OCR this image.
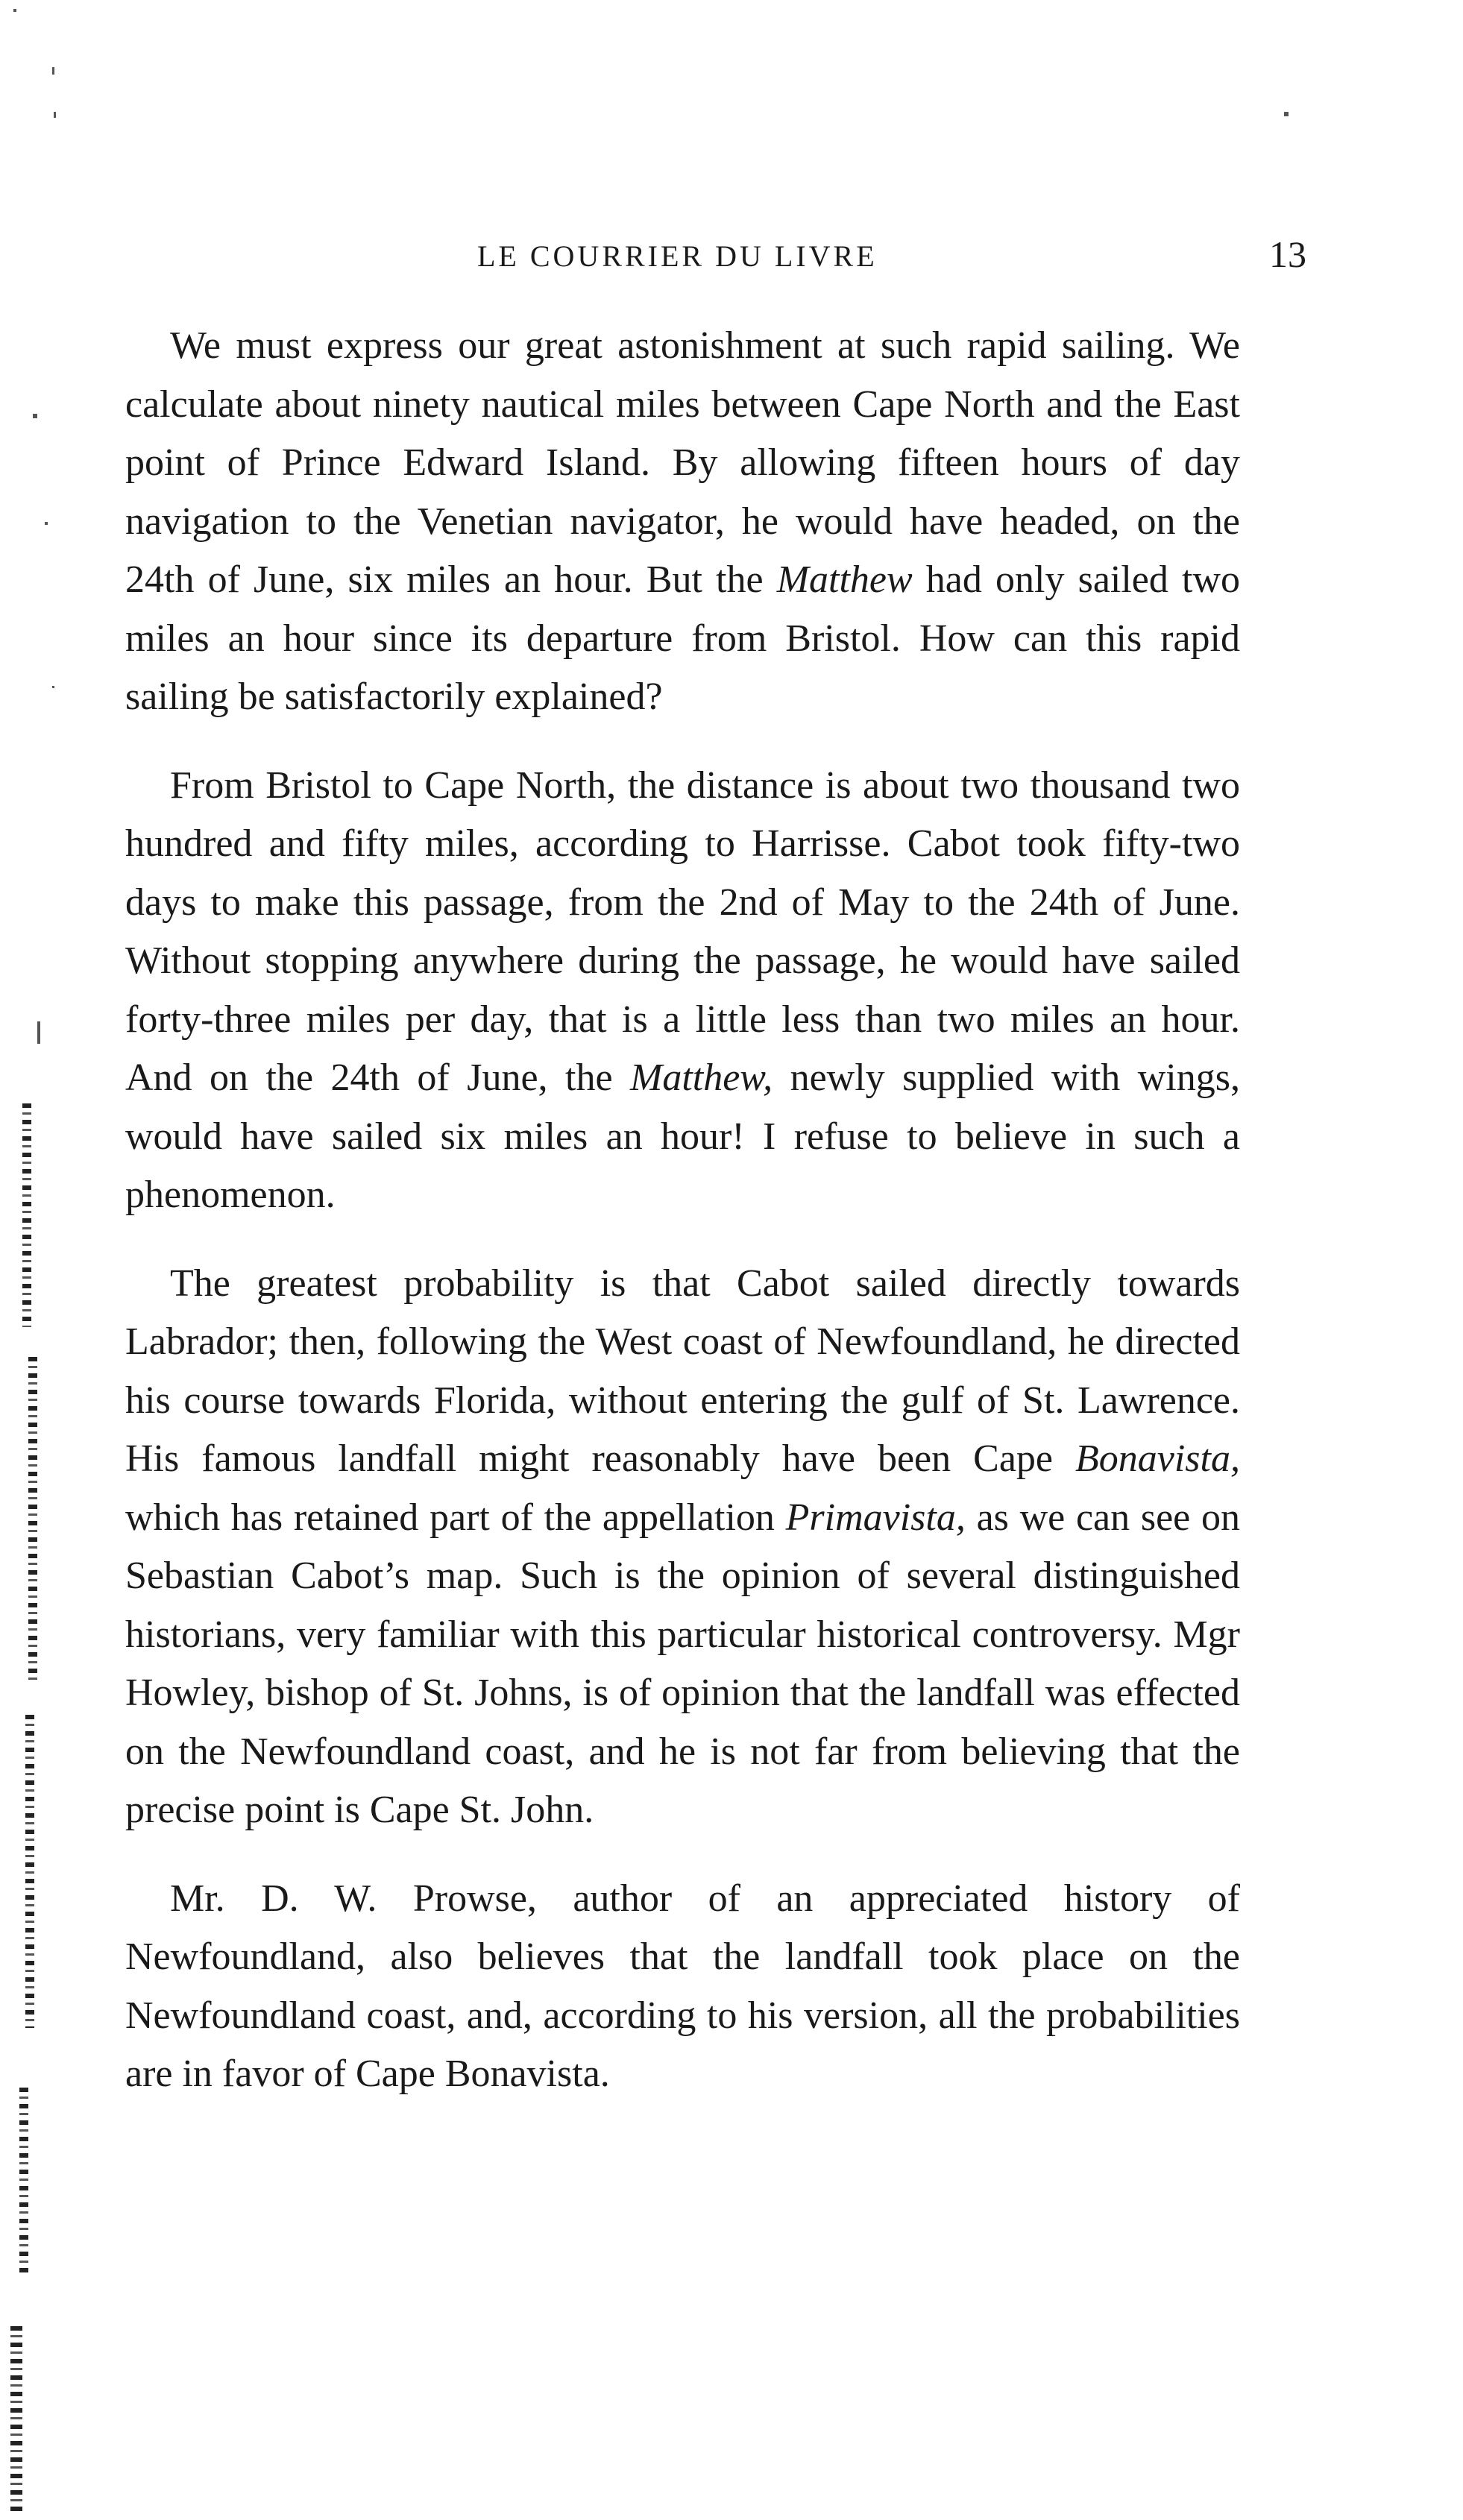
LE COURRIER DU LIVRE	13

We must express our great astonishment at such rapid sailing. We calculate about ninety nautical miles between Cape North and the East point of Prince Edward Island. By allowing fifteen hours of day navigation to the Venetian navigator, he would have headed, on the 24th of June, six miles an hour. But the Matthew had only sailed two miles an hour since its departure from Bristol. How can this rapid sailing be satisfactorily explained?

From Bristol to Cape North, the distance is about two thousand two hundred and fifty miles, according to Harrisse. Cabot took fifty-two days to make this passage, from the 2nd of May to the 24th of June. Without stopping anywhere during the passage, he would have sailed forty-three miles per day, that is a little less than two miles an hour. And on the 24th of June, the Matthew, newly supplied with wings, would have sailed six miles an hour! I refuse to believe in such a phenomenon.

The greatest probability is that Cabot sailed directly towards Labrador; then, following the West coast of Newfoundland, he directed his course towards Florida, without entering the gulf of St. Lawrence. His famous landfall might reasonably have been Cape Bonavista, which has retained part of the appellation Primavista, as we can see on Sebastian Cabot’s map. Such is the opinion of several distinguished historians, very familiar with this particular historical controversy. Mgr Howley, bishop of St. Johns, is of opinion that the landfall was effected on the Newfoundland coast, and he is not far from believing that the precise point is Cape St. John.

Mr. D. W. Prowse, author of an appreciated history of Newfoundland, also believes that the landfall took place on the Newfoundland coast, and, according to his version, all the probabilities are in favor of Cape Bonavista.
